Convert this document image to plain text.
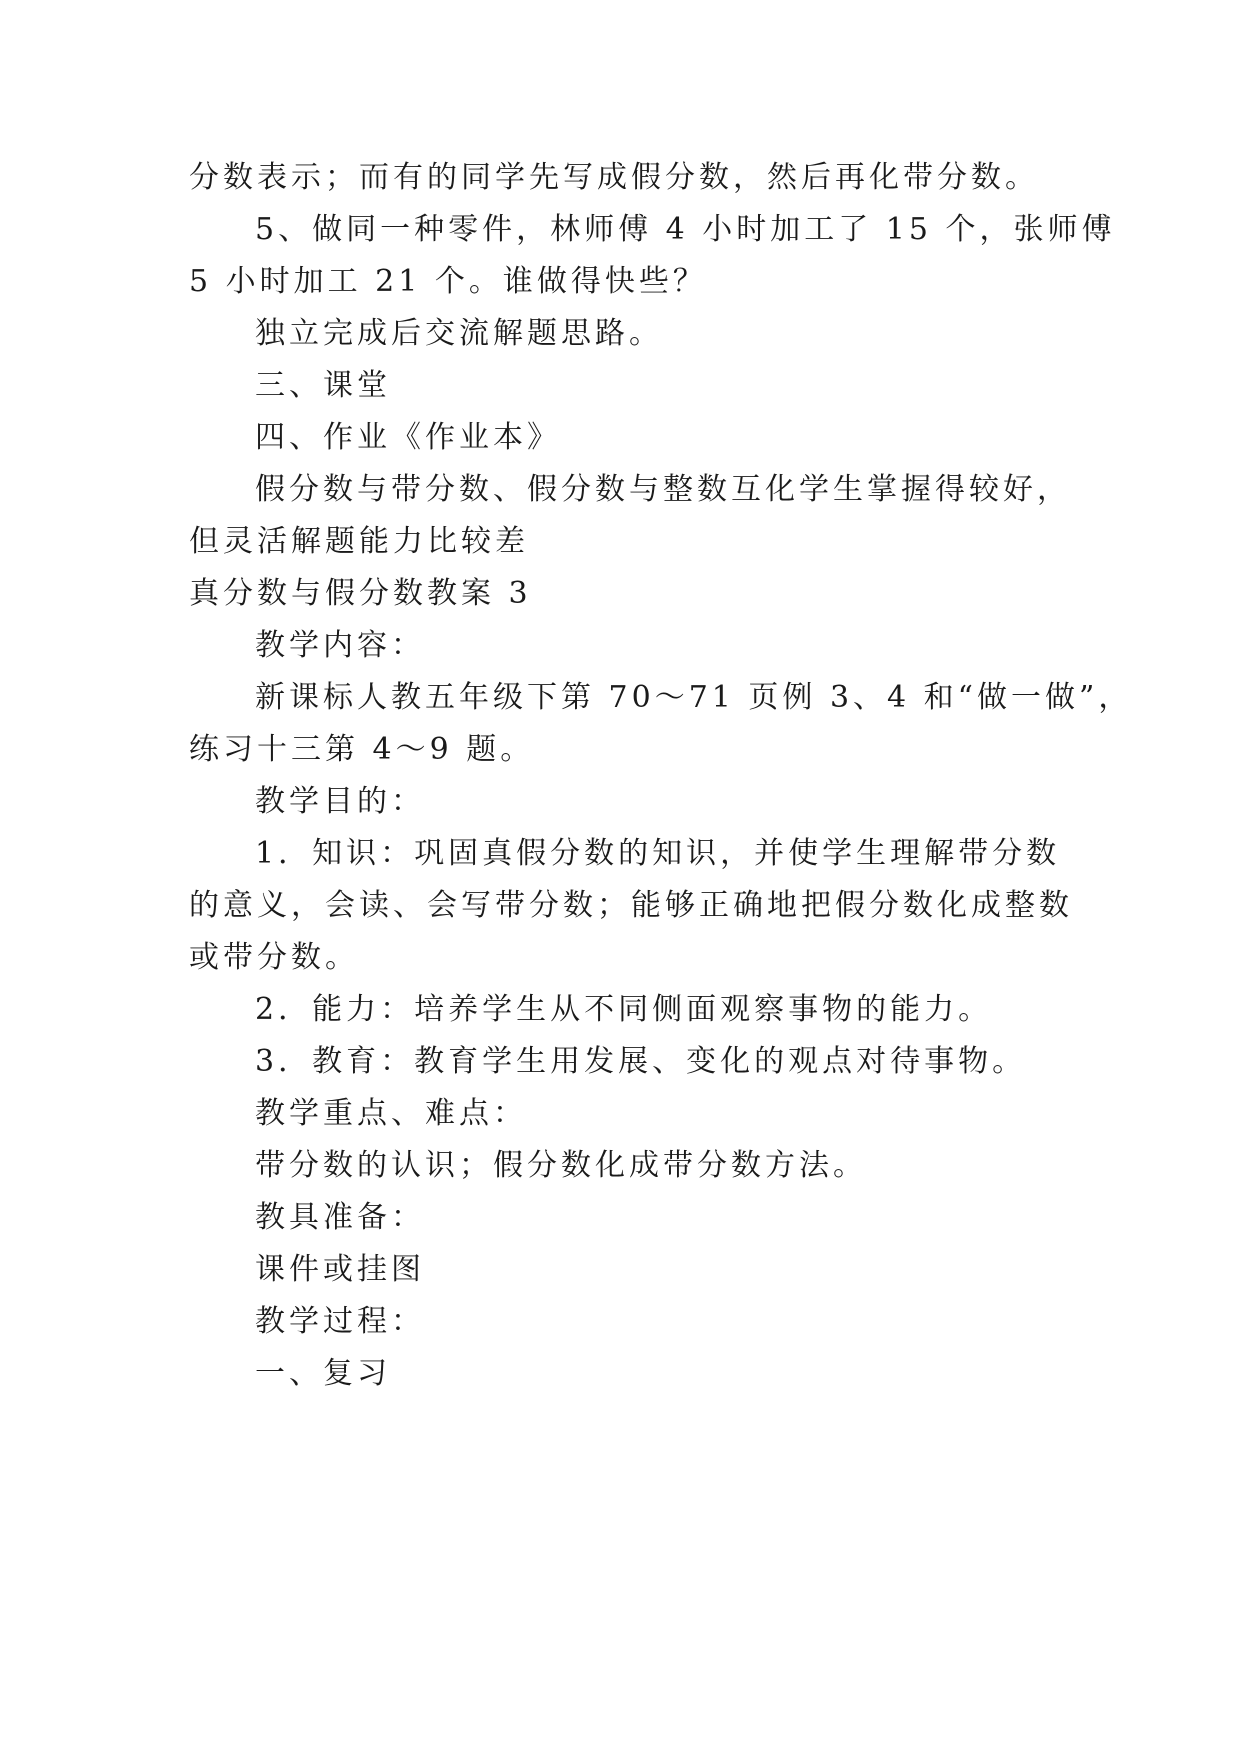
分数表示；而有的同学先写成假分数，然后再化带分数。
5、做同一种零件，林师傅 4 小时加工了 15 个，张师傅
5 小时加工 21 个。谁做得快些？
独立完成后交流解题思路。
三、课堂
四、作业《作业本》
假分数与带分数、假分数与整数互化学生掌握得较好，
但灵活解题能力比较差
真分数与假分数教案 3
教学内容：
新课标人教五年级下第 70～71 页例 3、4 和“做一做”，
练习十三第 4～9 题。
教学目的：
1．知识：巩固真假分数的知识，并使学生理解带分数
的意义，会读、会写带分数；能够正确地把假分数化成整数
或带分数。
2．能力：培养学生从不同侧面观察事物的能力。
3．教育：教育学生用发展、变化的观点对待事物。
教学重点、难点：
带分数的认识；假分数化成带分数方法。
教具准备：
课件或挂图
教学过程：
一、复习
